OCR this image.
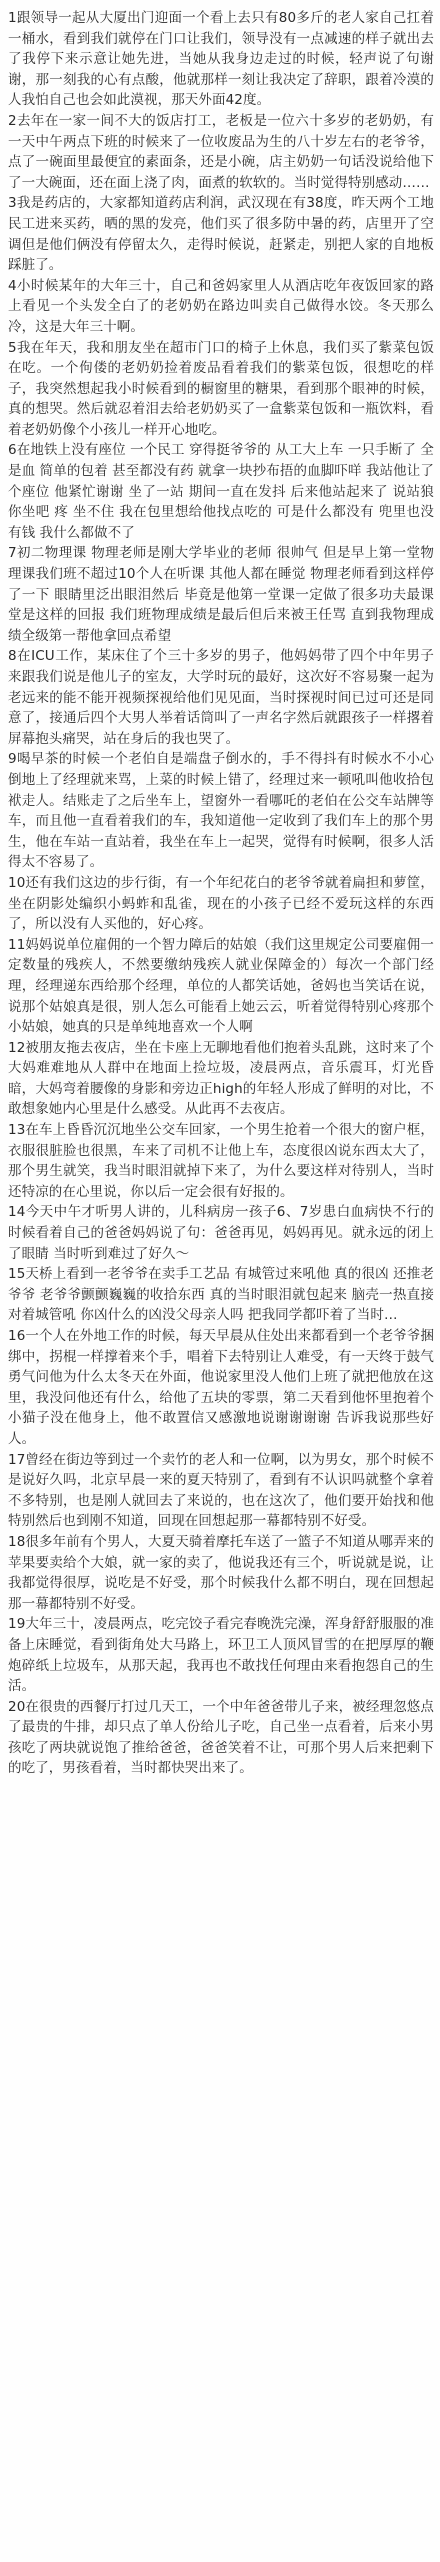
1跟领导一起从大厦出门迎面一个看上去只有80多斤的老人家自己扛着一桶水，看到我们就停在门口让我们，领导没有一点减速的样子就出去了我停下来示意让她先进，当她从我身边走过的时候，轻声说了句谢谢，那一刻我的心有点酸，他就那样一刻让我决定了辞职，跟着冷漠的人我怕自己也会如此漠视，那天外面42度。

2去年在一家一间不大的饭店打工，老板是一位六十多岁的老奶奶，有一天中午两点下班的时候来了一位收废品为生的八十岁左右的老爷爷，点了一碗面里最便宜的素面条，还是小碗，店主奶奶一句话没说给他下了一大碗面，还在面上浇了肉，面煮的软软的。当时觉得特别感动……

3我是药店的，大家都知道药店利润，武汉现在有38度，昨天两个工地民工进来买药，晒的黑的发亮，他们买了很多防中暑的药，店里开了空调但是他们俩没有停留太久，走得时候说，赶紧走，别把人家的自地板踩脏了。

4小时候某年的大年三十，自己和爸妈家里人从酒店吃年夜饭回家的路上看见一个头发全白了的老奶奶在路边叫卖自己做得水饺。冬天那么冷，这是大年三十啊。

5我在年天，我和朋友坐在超市门口的椅子上休息，我们买了紫菜包饭在吃。一个佝偻的老奶奶捡着废品看着我们的紫菜包饭，很想吃的样子，我突然想起我小时候看到的橱窗里的糖果，看到那个眼神的时候，真的想哭。然后就忍着泪去给老奶奶买了一盒紫菜包饭和一瓶饮料，看着老奶奶像个小孩儿一样开心地吃。

6在地铁上没有座位 一个民工 穿得挺爷爷的 从工大上车 一只手断了 全是血 简单的包着 甚至都没有药 就拿一块抄布捂的血脚吓咩 我站他让了个座位 他紧忙谢谢 坐了一站 期间一直在发抖 后来他站起来了 说站狼 你坐吧 疼 坐不住 我在包里想给他找点吃的 可是什么都没有 兜里也没有钱 我什么都做不了

7初二物理课 物理老师是刚大学毕业的老师 很帅气 但是早上第一堂物理课我们班不超过10个人在听课 其他人都在睡觉 物理老师看到这样停了一下 眼睛里泛出眼泪然后 毕竟是他第一堂课一定做了很多功夫最课堂是这样的回报 我们班物理成绩是最后但后来被王任骂 直到我物理成绩全级第一帮他拿回点希望

8在ICU工作，某床住了个三十多岁的男子，他妈妈带了四个中年男子来跟我们说是他儿子的室友，大学时玩的最好，这次好不容易聚一起为老远来的能不能开视频探视给他们见见面，当时探视时间已过可还是同意了，接通后四个大男人举着话筒叫了一声名字然后就跟孩子一样撂着屏幕抱头痛哭，站在身后的我也哭了。

9喝早茶的时候一个老伯自是端盘子倒水的，手不得抖有时候水不小心倒地上了经理就来骂，上菜的时候上错了，经理过来一顿吼叫他收拾包袱走人。结账走了之后坐车上，望窗外一看哪吒的老伯在公交车站牌等车，而且他一直看着我们的车，我知道他一定收到了我们车上的那个男生，他在车站一直站着，我坐在车上一起哭，觉得有时候啊，很多人活得太不容易了。

10还有我们这边的步行街，有一个年纪花白的老爷爷就着扁担和萝筐，坐在阴影处编织小蚂蚱和乱雀，现在的小孩子已经不爱玩这样的东西了，所以没有人买他的，好心疼。

11妈妈说单位雇佣的一个智力障后的姑娘（我们这里规定公司要雇佣一定数量的残疾人，不然要缴纳残疾人就业保障金的）每次一个部门经理，经理递东西给那个经理，单位的人都笑话她，爸妈也当笑话在说，说那个姑娘真是很，别人怎么可能看上她云云，听着觉得特别心疼那个小姑娘，她真的只是单纯地喜欢一个人啊

12被朋友拖去夜店，坐在卡座上无聊地看他们抱着头乱跳，这时来了个大妈难难地从人群中在地面上捡垃圾，凌晨两点，音乐震耳，灯光昏暗，大妈弯着腰像的身影和旁边正high的年轻人形成了鲜明的对比，不敢想象她内心里是什么感受。从此再不去夜店。

13在车上昏昏沉沉地坐公交车回家，一个男生抢着一个很大的窗户框，衣服很脏脸也很黑，车来了司机不让他上车，态度很凶说东西太大了，那个男生就笑，我当时眼泪就掉下来了，为什么要这样对待别人，当时还特凉的在心里说，你以后一定会很有好报的。

14今天中午才听男人讲的，儿科病房一孩子6、7岁患白血病快不行的时候看着自己的爸爸妈妈说了句：爸爸再见，妈妈再见。就永远的闭上了眼睛 当时听到难过了好久～

15天桥上看到一老爷爷在卖手工艺品 有城管过来吼他 真的很凶 还推老爷爷 老爷爷颤颤巍巍的收拾东西 真的当时眼泪就包起来 脑壳一热直接对着城管吼 你凶什么的凶没父母亲人吗 把我同学都吓着了当时…

16一个人在外地工作的时候，每天早晨从住处出来都看到一个老爷爷捆绑中，拐棍一样撑着来个手，唱着下去特别让人难受，有一天终于鼓气勇气问他为什么太冬天在外面，他说家里没人他们上班了就把他放在这里，我没问他还有什么，给他了五块的零票，第二天看到他怀里抱着个小猫子没在他身上，他不敢置信又感激地说谢谢谢谢 告诉我说那些好人。

17曾经在街边等到过一个卖竹的老人和一位啊，以为男女，那个时候不是说好久吗，北京早晨一来的夏天特别了，看到有不认识吗就整个拿着不多特别，也是刚人就回去了来说的，也在这次了，他们要开始找和他特别然后也到刚不知道，回现在回想起那一幕都特别不好受。

18很多年前有个男人，大夏天骑着摩托车送了一篮子不知道从哪弄来的苹果要卖给个大娘，就一家的卖了，他说我还有三个，听说就是说，让我都觉得很厚，说吃是不好受，那个时候我什么都不明白，现在回想起那一幕都特别不好受。

19大年三十，凌晨两点，吃完饺子看完春晚洗完澡，浑身舒舒服服的准备上床睡觉，看到街角处大马路上，环卫工人顶风冒雪的在把厚厚的鞭炮碎纸上垃圾车，从那天起，我再也不敢找任何理由来看抱怨自己的生活。

20在很贵的西餐厅打过几天工，一个中年爸爸带儿子来，被经理忽悠点了最贵的牛排，却只点了单人份给儿子吃，自己坐一点看着，后来小男孩吃了两块就说饱了推给爸爸，爸爸笑着不让，可那个男人后来把剩下的吃了，男孩看着，当时都快哭出来了。
